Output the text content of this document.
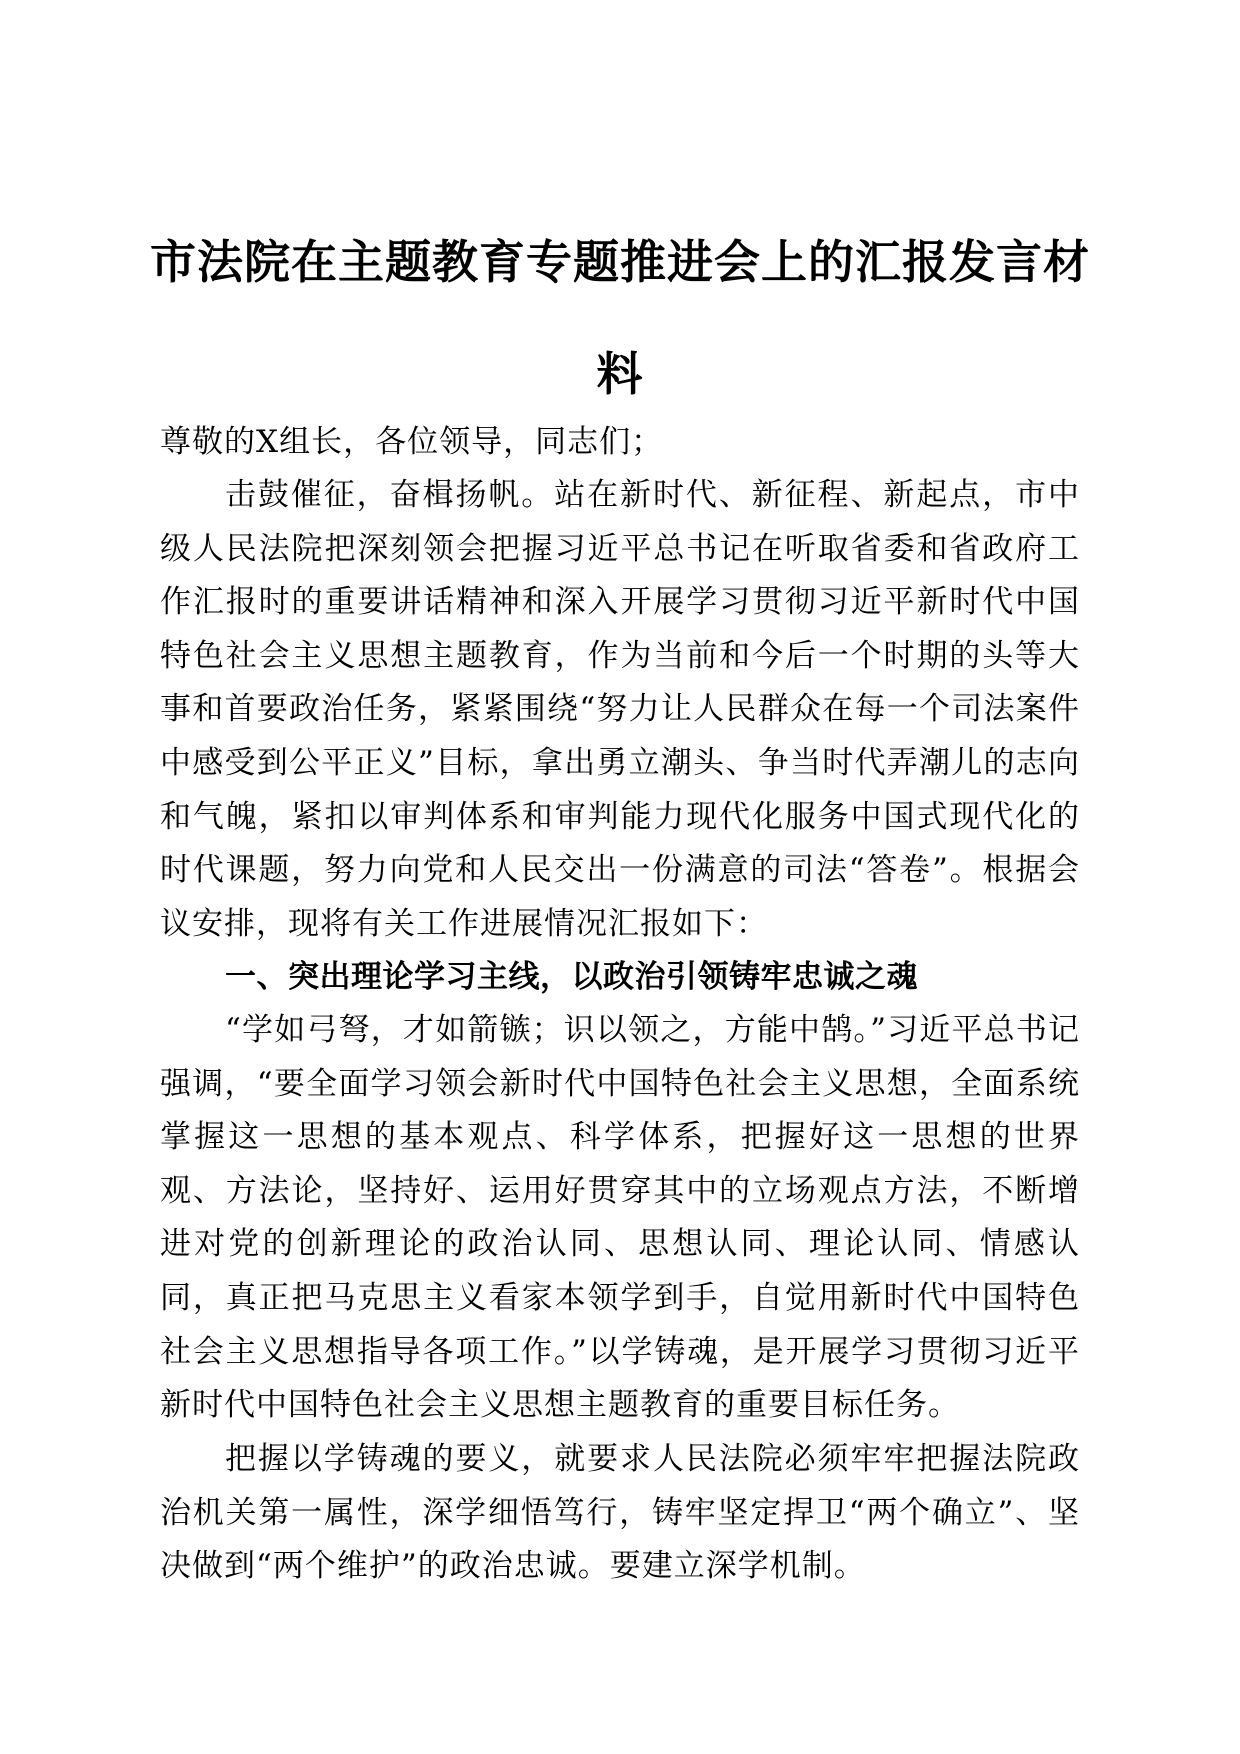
市法院在主题教育专题推进会上的汇报发言材
料
尊敬的X组长，各位领导，同志们；
击鼓催征，奋楫扬帆。站在新时代、新征程、新起点，市中级人民法院把深刻领会把握习近平总书记在听取省委和省政府工作汇报时的重要讲话精神和深入开展学习贯彻习近平新时代中国特色社会主义思想主题教育，作为当前和今后一个时期的头等大事和首要政治任务，紧紧围绕“努力让人民群众在每一个司法案件中感受到公平正义”目标，拿出勇立潮头、争当时代弄潮儿的志向和气魄，紧扣以审判体系和审判能力现代化服务中国式现代化的时代课题，努力向党和人民交出一份满意的司法“答卷”。根据会议安排，现将有关工作进展情况汇报如下：
一、突出理论学习主线，以政治引领铸牢忠诚之魂
“学如弓弩，才如箭镞；识以领之，方能中鹄。”习近平总书记强调，“要全面学习领会新时代中国特色社会主义思想，全面系统掌握这一思想的基本观点、科学体系，把握好这一思想的世界观、方法论，坚持好、运用好贯穿其中的立场观点方法，不断增进对党的创新理论的政治认同、思想认同、理论认同、情感认同，真正把马克思主义看家本领学到手，自觉用新时代中国特色社会主义思想指导各项工作。”以学铸魂，是开展学习贯彻习近平新时代中国特色社会主义思想主题教育的重要目标任务。
把握以学铸魂的要义，就要求人民法院必须牢牢把握法院政治机关第一属性，深学细悟笃行，铸牢坚定捍卫“两个确立”、坚决做到“两个维护”的政治忠诚。要建立深学机制。
